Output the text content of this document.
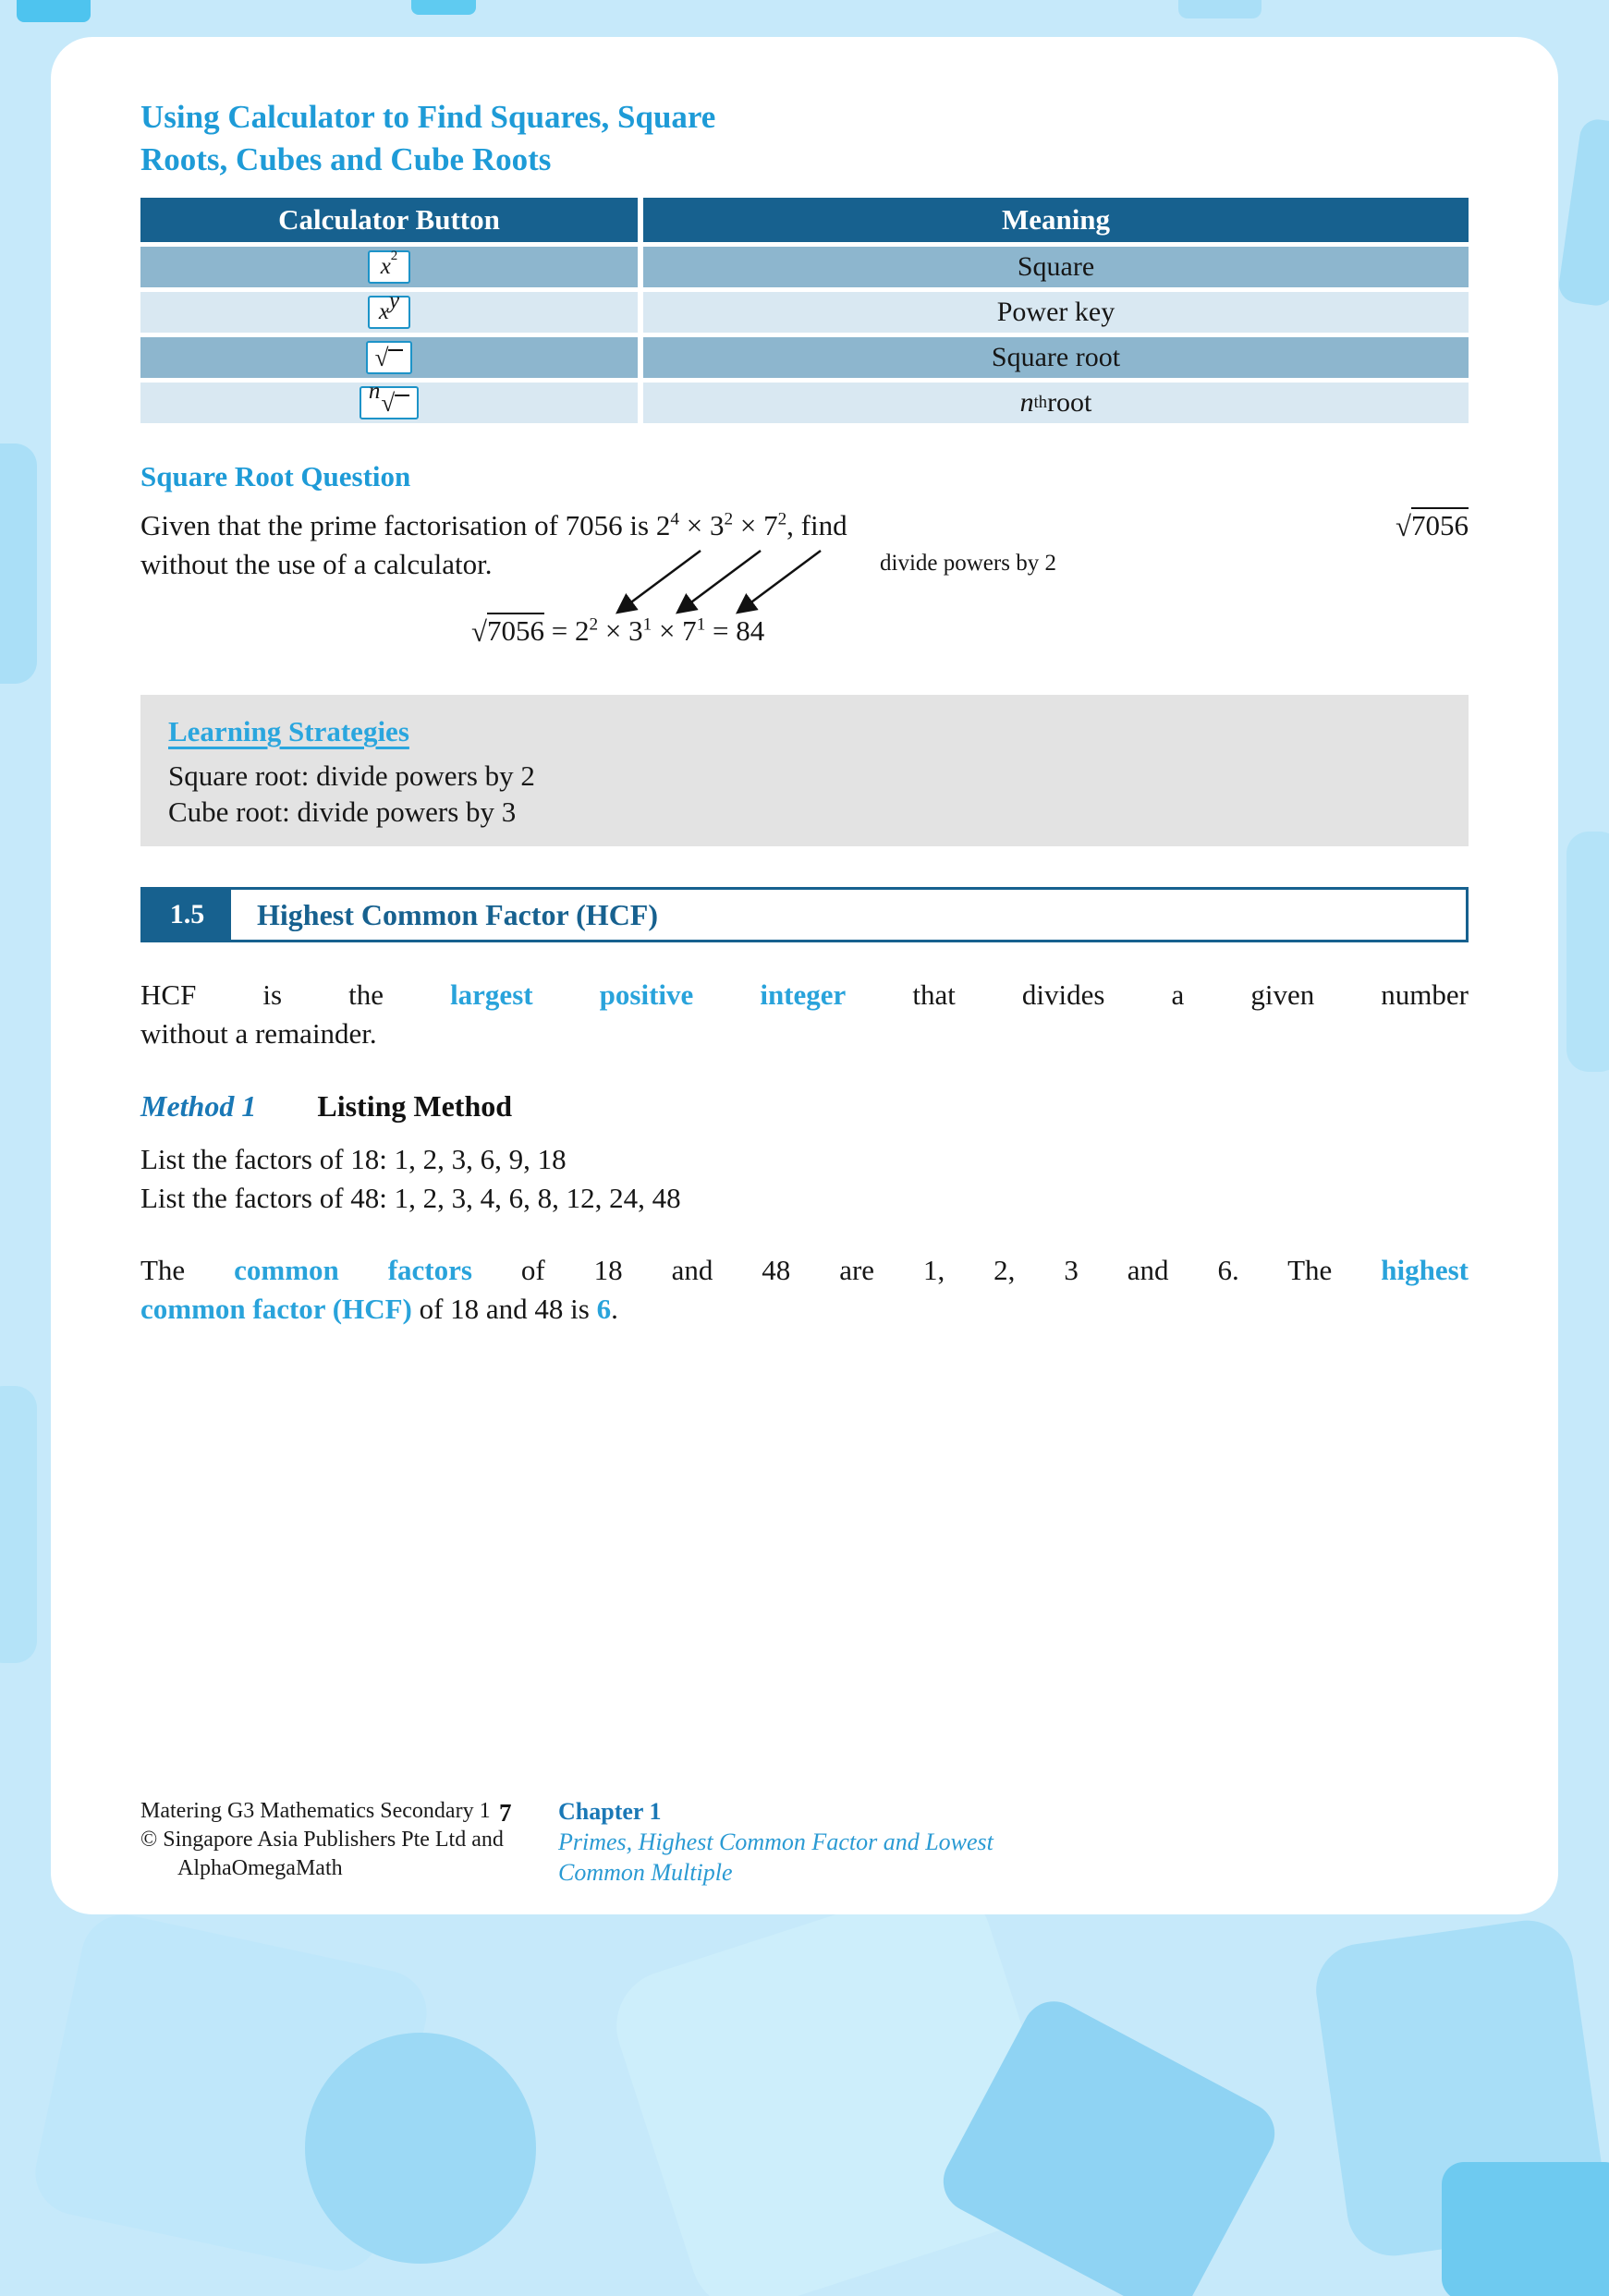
Using Calculator to Find Squares, Square Roots, Cubes and Cube Roots
Calculator Button	Meaning
$x^2$	Square
x $^y$	Power key
√	Square root
$^n$ √	n th root
Square Root Question
Given that the prime factorisation of 7056 is $2^4 \times 3^2 \times 7^2$, find	√7056
without the use of a calculator.	divide powers by 2
$√7056 = 2^2 \times 3^1 \times 7^1 = 84$
Learning Strategies
Square root: divide powers by 2
Cube root: divide powers by 3
1.5	Highest Common Factor (HCF)
HCF is the largest positive integer that divides a given number
without a remainder.
Method 1 Listing Method
List the factors of 18: 1, 2, 3, 6, 9, 18
List the factors of 48: 1, 2, 3, 4, 6, 8, 12, 24, 48
The common factors of 18 and 48 are 1, 2, 3 and 6. The highest
common factor (HCF) of 18 and 48 is 6.
Matering G3 Mathematics Secondary 1
© Singapore Asia Publishers Pte Ltd and
AlphaOmegaMath
7 Chapter 1
Primes, Highest Common Factor and Lowest
Common Multiple
